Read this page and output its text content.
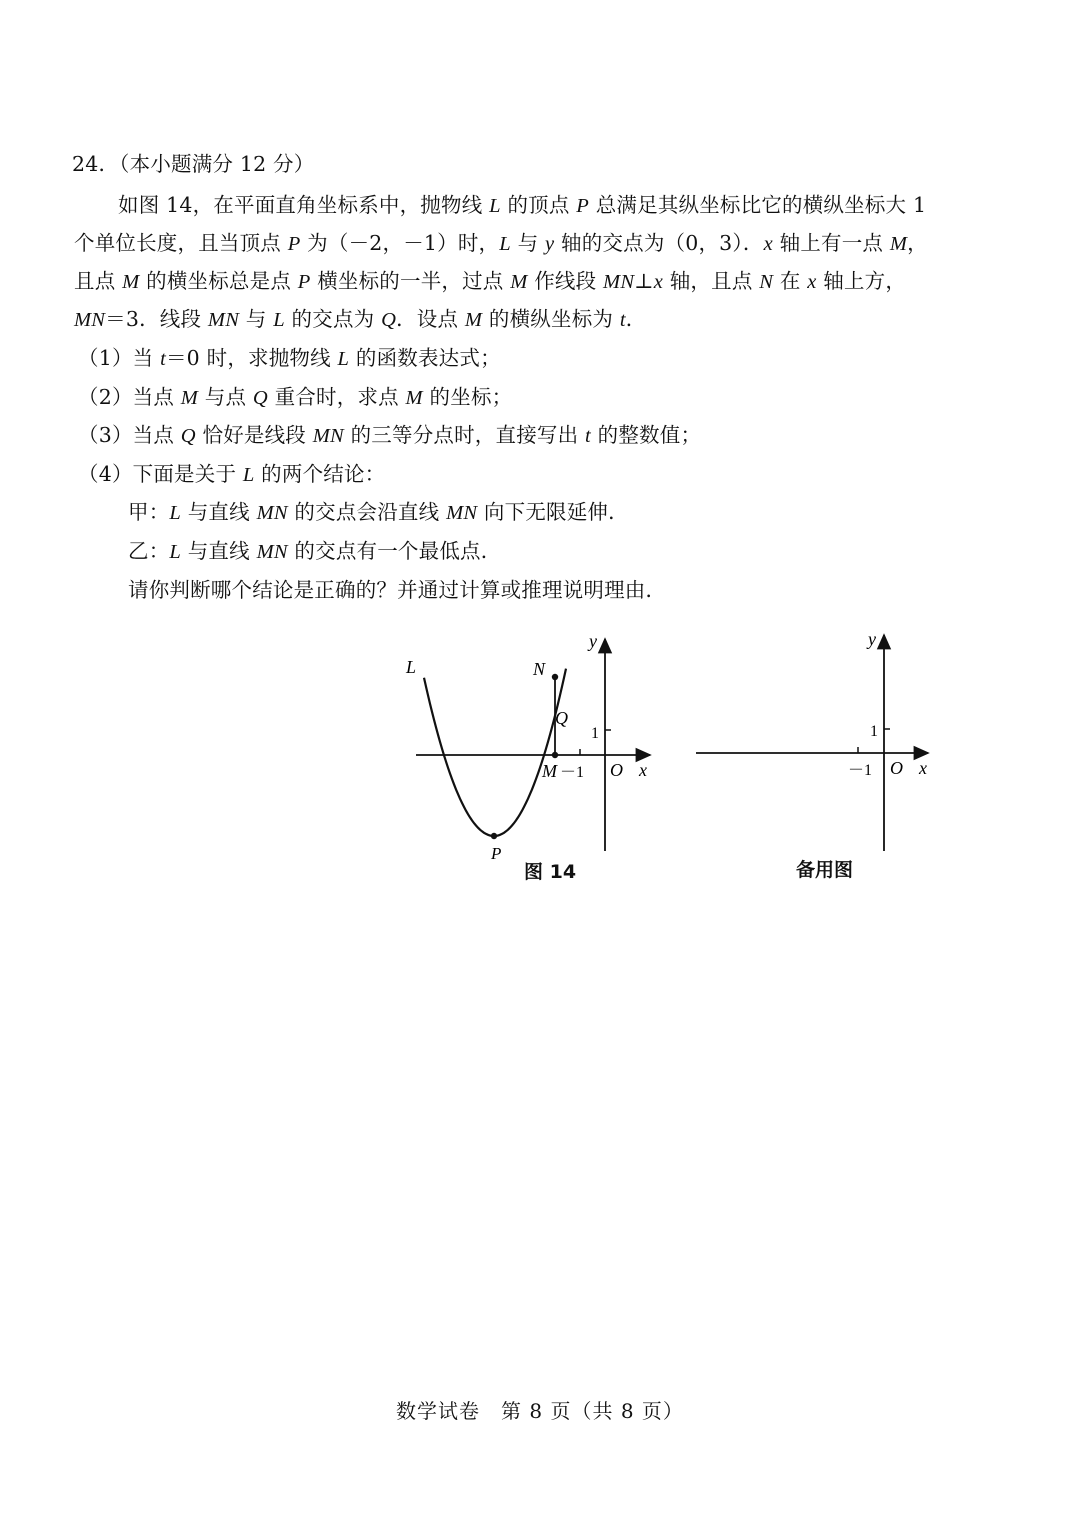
24．（本小题满分 12 分）

如图 14，在平面直角坐标系中，抛物线 L 的顶点 P 总满足其纵坐标比它的横纵坐标大 1

个单位长度，且当顶点 P 为（－2，－1）时，L 与 y 轴的交点为（0，3）．x 轴上有一点 M，

且点 M 的横坐标总是点 P 横坐标的一半，过点 M 作线段 MN⊥x 轴，且点 N 在 x 轴上方，

MN＝3．线段 MN 与 L 的交点为 Q．设点 M 的横纵坐标为 t．

（1）当 t＝0 时，求抛物线 L 的函数表达式；

（2）当点 M 与点 Q 重合时，求点 M 的坐标；

（3）当点 Q 恰好是线段 MN 的三等分点时，直接写出 t 的整数值；

（4）下面是关于 L 的两个结论：

甲：L 与直线 MN 的交点会沿直线 MN 向下无限延伸．

乙：L 与直线 MN 的交点有一个最低点．

请你判断哪个结论是正确的？并通过计算或推理说明理由．

L	N
Q
M
P
y
x
O
1
－1
图 14
y
x
O
1
－1
备用图
数学试卷　第 8 页（共 8 页）
